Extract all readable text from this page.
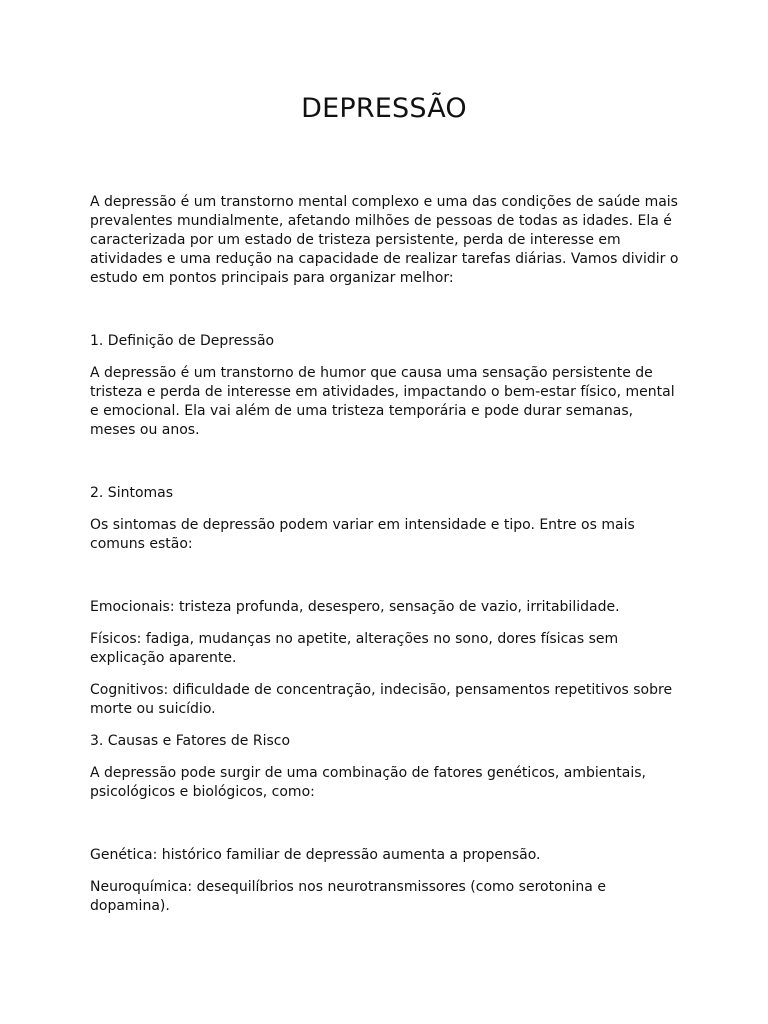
DEPRESSÃO

A depressão é um transtorno mental complexo e uma das condições de saúde mais prevalentes mundialmente, afetando milhões de pessoas de todas as idades. Ela é caracterizada por um estado de tristeza persistente, perda de interesse em atividades e uma redução na capacidade de realizar tarefas diárias. Vamos dividir o estudo em pontos principais para organizar melhor:

1. Definição de Depressão

A depressão é um transtorno de humor que causa uma sensação persistente de tristeza e perda de interesse em atividades, impactando o bem-estar físico, mental e emocional. Ela vai além de uma tristeza temporária e pode durar semanas, meses ou anos.

2. Sintomas

Os sintomas de depressão podem variar em intensidade e tipo. Entre os mais comuns estão:

Emocionais: tristeza profunda, desespero, sensação de vazio, irritabilidade.

Físicos: fadiga, mudanças no apetite, alterações no sono, dores físicas sem explicação aparente.

Cognitivos: dificuldade de concentração, indecisão, pensamentos repetitivos sobre morte ou suicídio.

3. Causas e Fatores de Risco

A depressão pode surgir de uma combinação de fatores genéticos, ambientais, psicológicos e biológicos, como:

Genética: histórico familiar de depressão aumenta a propensão.

Neuroquímica: desequilíbrios nos neurotransmissores (como serotonina e dopamina).
